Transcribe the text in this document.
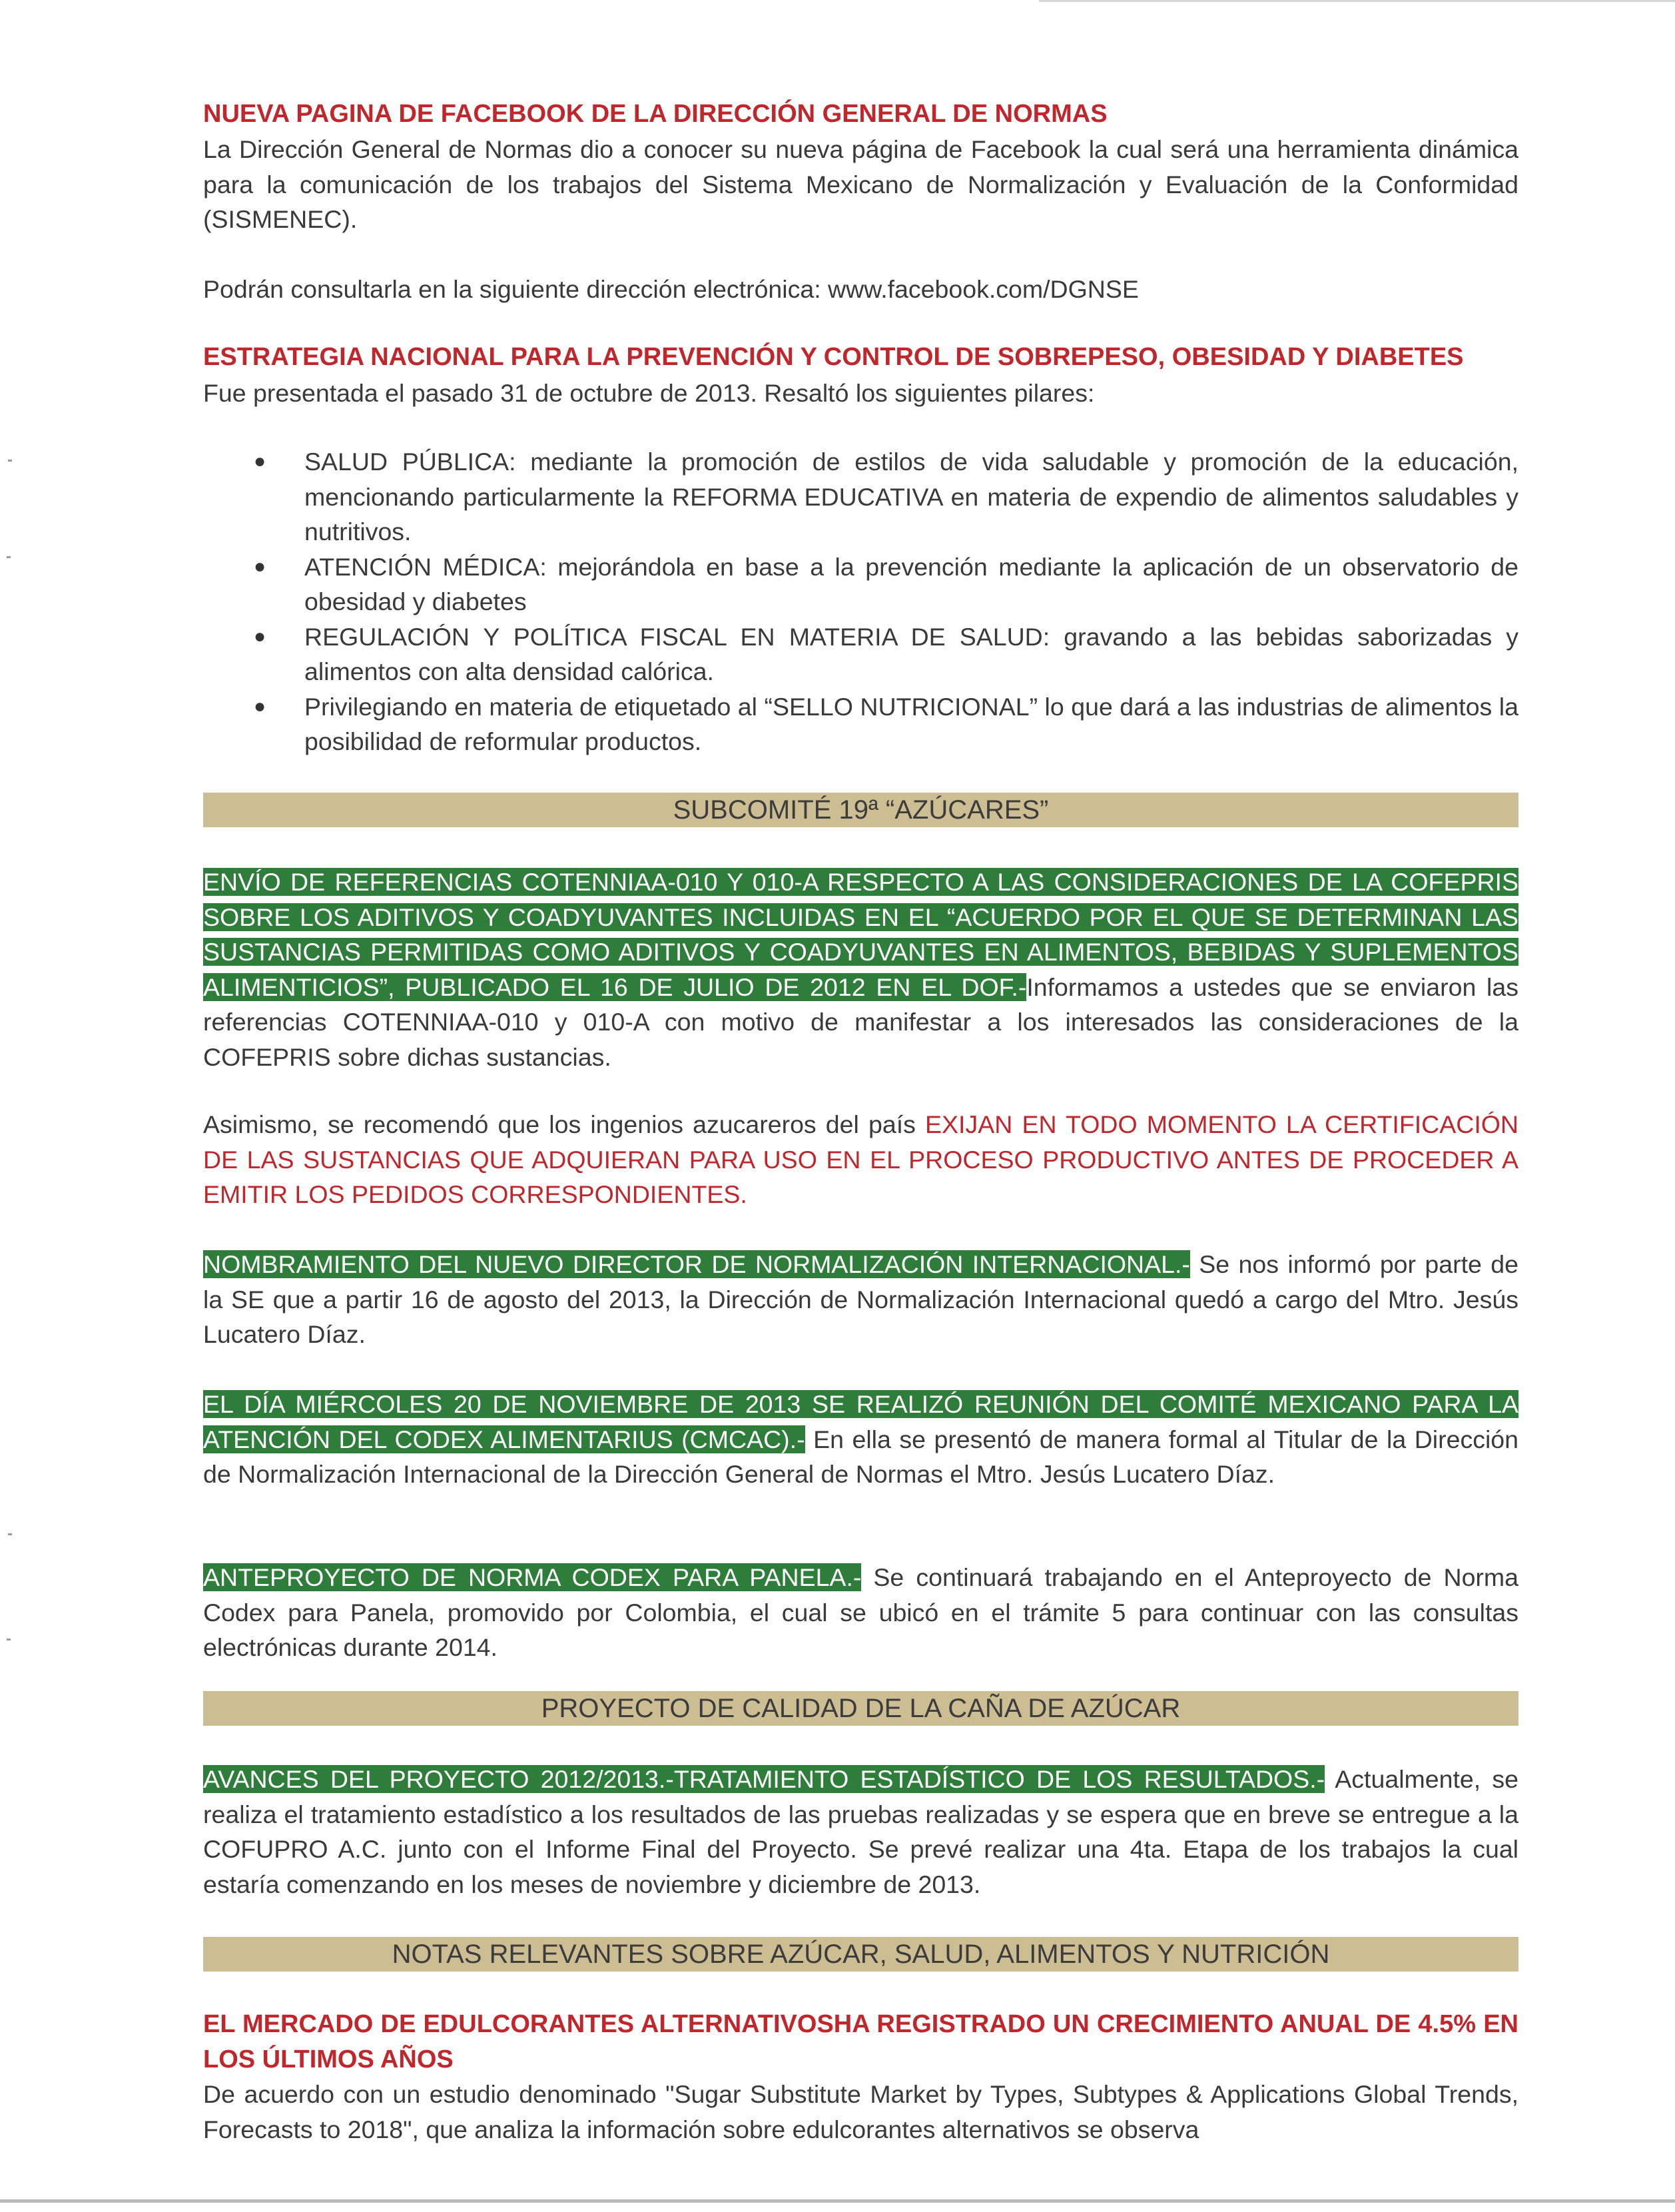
NUEVA PAGINA DE FACEBOOK DE LA DIRECCIÓN GENERAL DE NORMAS

La Dirección General de Normas dio a conocer su nueva página de Facebook la cual será una herramienta dinámica para la comunicación de los trabajos del Sistema Mexicano de Normalización y Evaluación de la Conformidad (SISMENEC).

Podrán consultarla en la siguiente dirección electrónica: www.facebook.com/DGNSE

ESTRATEGIA NACIONAL PARA LA PREVENCIÓN Y CONTROL DE SOBREPESO, OBESIDAD Y DIABETES

Fue presentada el pasado 31 de octubre de 2013. Resaltó los siguientes pilares:

● SALUD PÚBLICA: mediante la promoción de estilos de vida saludable y promoción de la educación, mencionando particularmente la REFORMA EDUCATIVA en materia de expendio de alimentos saludables y nutritivos.
● ATENCIÓN MÉDICA: mejorándola en base a la prevención mediante la aplicación de un observatorio de obesidad y diabetes
● REGULACIÓN Y POLÍTICA FISCAL EN MATERIA DE SALUD: gravando a las bebidas saborizadas y alimentos con alta densidad calórica.
● Privilegiando en materia de etiquetado al “SELLO NUTRICIONAL” lo que dará a las industrias de alimentos la posibilidad de reformular productos.
SUBCOMITÉ 19ª “AZÚCARES”

ENVÍO DE REFERENCIAS COTENNIAA-010 Y 010-A RESPECTO A LAS CONSIDERACIONES DE LA COFEPRIS SOBRE LOS ADITIVOS Y COADYUVANTES INCLUIDAS EN EL “ACUERDO POR EL QUE SE DETERMINAN LAS SUSTANCIAS PERMITIDAS COMO ADITIVOS Y COADYUVANTES EN ALIMENTOS, BEBIDAS Y SUPLEMENTOS ALIMENTICIOS”, PUBLICADO EL 16 DE JULIO DE 2012 EN EL DOF.-Informamos a ustedes que se enviaron las referencias COTENNIAA-010 y 010-A con motivo de manifestar a los interesados las consideraciones de la COFEPRIS sobre dichas sustancias.

Asimismo, se recomendó que los ingenios azucareros del país EXIJAN EN TODO MOMENTO LA CERTIFICACIÓN DE LAS SUSTANCIAS QUE ADQUIERAN PARA USO EN EL PROCESO PRODUCTIVO ANTES DE PROCEDER A EMITIR LOS PEDIDOS CORRESPONDIENTES.

NOMBRAMIENTO DEL NUEVO DIRECTOR DE NORMALIZACIÓN INTERNACIONAL.- Se nos informó por parte de la SE que a partir 16 de agosto del 2013, la Dirección de Normalización Internacional quedó a cargo del Mtro. Jesús Lucatero Díaz.

EL DÍA MIÉRCOLES 20 DE NOVIEMBRE DE 2013 SE REALIZÓ REUNIÓN DEL COMITÉ MEXICANO PARA LA ATENCIÓN DEL CODEX ALIMENTARIUS (CMCAC).- En ella se presentó de manera formal al Titular de la Dirección de Normalización Internacional de la Dirección General de Normas el Mtro. Jesús Lucatero Díaz.

ANTEPROYECTO DE NORMA CODEX PARA PANELA.- Se continuará trabajando en el Anteproyecto de Norma Codex para Panela, promovido por Colombia, el cual se ubicó en el trámite 5 para continuar con las consultas electrónicas durante 2014.

PROYECTO DE CALIDAD DE LA CAÑA DE AZÚCAR

AVANCES DEL PROYECTO 2012/2013.-TRATAMIENTO ESTADÍSTICO DE LOS RESULTADOS.- Actualmente, se realiza el tratamiento estadístico a los resultados de las pruebas realizadas y se espera que en breve se entregue a la COFUPRO A.C. junto con el Informe Final del Proyecto. Se prevé realizar una 4ta. Etapa de los trabajos la cual estaría comenzando en los meses de noviembre y diciembre de 2013.

NOTAS RELEVANTES SOBRE AZÚCAR, SALUD, ALIMENTOS Y NUTRICIÓN
EL MERCADO DE EDULCORANTES ALTERNATIVOSHA REGISTRADO UN CRECIMIENTO ANUAL DE 4.5% EN LOS ÚLTIMOS AÑOS

De acuerdo con un estudio denominado "Sugar Substitute Market by Types, Subtypes & Applications Global Trends, Forecasts to 2018", que analiza la información sobre edulcorantes alternativos se observa
